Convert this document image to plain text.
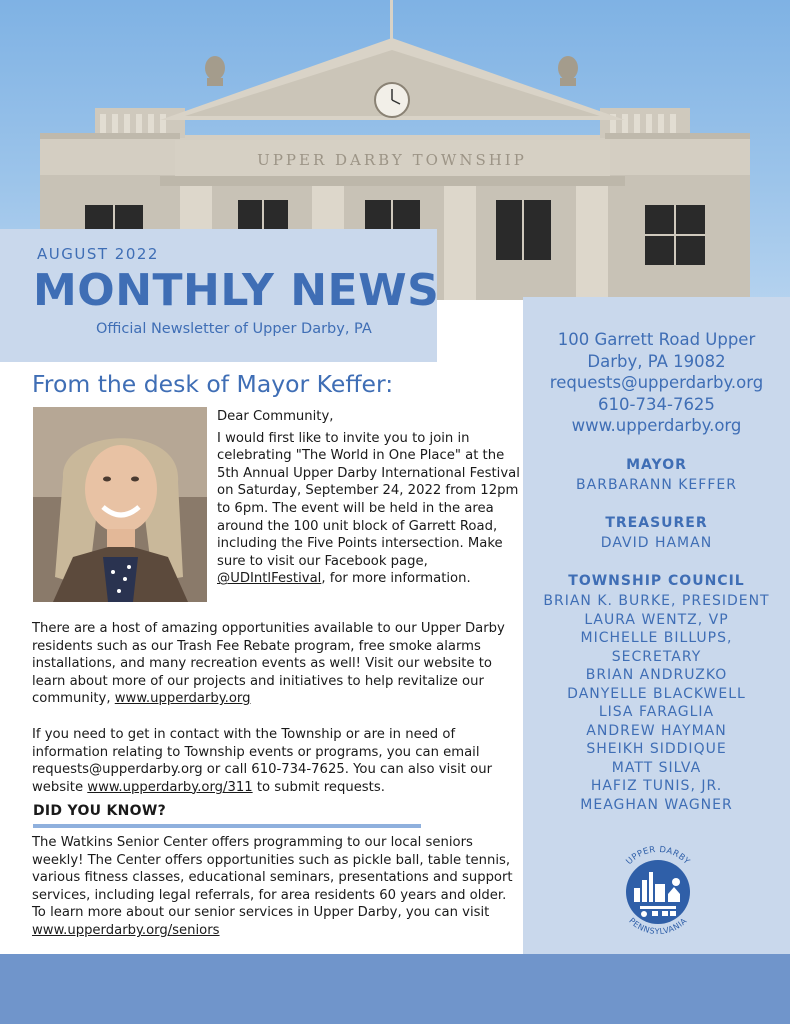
UPPER DARBY TOWNSHIP
AUGUST 2022
MONTHLY NEWS
Official Newsletter of Upper Darby, PA
100 Garrett Road Upper
Darby, PA 19082
requests@upperdarby.org
610-734-7625
www.upperdarby.org
MAYOR
BARBARANN KEFFER
TREASURER
DAVID HAMAN
TOWNSHIP COUNCIL
BRIAN K. BURKE, PRESIDENT
LAURA WENTZ, VP
MICHELLE BILLUPS,
SECRETARY
BRIAN ANDRUZKO
DANYELLE BLACKWELL
LISA FARAGLIA
ANDREW HAYMAN
SHEIKH SIDDIQUE
MATT SILVA
HAFIZ TUNIS, JR.
MEAGHAN WAGNER
UPPER DARBY
PENNSYLVANIA
From the desk of Mayor Keffer:

Dear Community,

I would first like to invite you to join in celebrating "The World in One Place" at the 5th Annual Upper Darby International Festival on Saturday, September 24, 2022 from 12pm to 6pm. The event will be held in the area around the 100 unit block of Garrett Road, including the Five Points intersection. Make sure to visit our Facebook page, @UDIntlFestival, for more information.

There are a host of amazing opportunities available to our Upper Darby residents such as our Trash Fee Rebate program, free smoke alarms installations, and many recreation events as well! Visit our website to learn about more of our projects and initiatives to help revitalize our community, www.upperdarby.org

If you need to get in contact with the Township or are in need of information relating to Township events or programs, you can email requests@upperdarby.org or call 610-734-7625. You can also visit our website www.upperdarby.org/311 to submit requests.

DID YOU KNOW?

The Watkins Senior Center offers programming to our local seniors weekly! The Center offers opportunities such as pickle ball, table tennis, various fitness classes, educational seminars, presentations and support services, including legal referrals, for area residents 60 years and older. To learn more about our senior services in Upper Darby, you can visit www.upperdarby.org/seniors
